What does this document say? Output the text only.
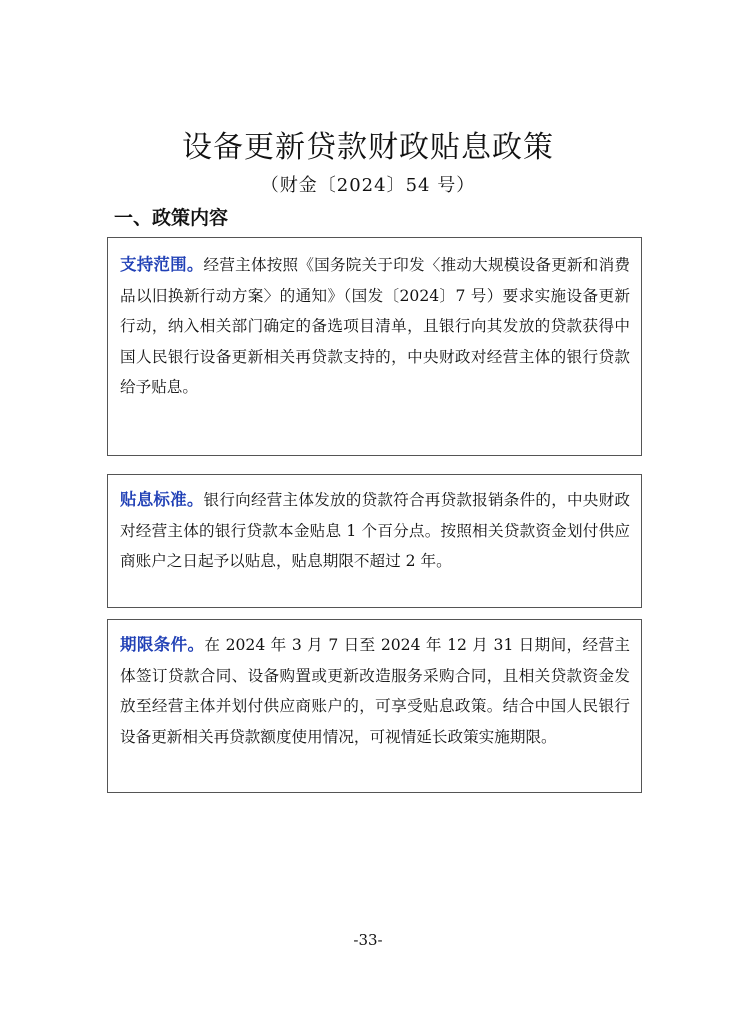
设备更新贷款财政贴息政策
（财金〔2024〕54 号）
一、政策内容
支持范围。经营主体按照《国务院关于印发〈推动大规模设备更新和消费品以旧换新行动方案〉的通知》（国发〔2024〕7 号）要求实施设备更新行动，纳入相关部门确定的备选项目清单，且银行向其发放的贷款获得中国人民银行设备更新相关再贷款支持的，中央财政对经营主体的银行贷款给予贴息。
贴息标准。银行向经营主体发放的贷款符合再贷款报销条件的，中央财政对经营主体的银行贷款本金贴息 1 个百分点。按照相关贷款资金划付供应商账户之日起予以贴息，贴息期限不超过 2 年。
期限条件。在 2024 年 3 月 7 日至 2024 年 12 月 31 日期间，经营主体签订贷款合同、设备购置或更新改造服务采购合同，且相关贷款资金发放至经营主体并划付供应商账户的，可享受贴息政策。结合中国人民银行设备更新相关再贷款额度使用情况，可视情延长政策实施期限。
-33-
